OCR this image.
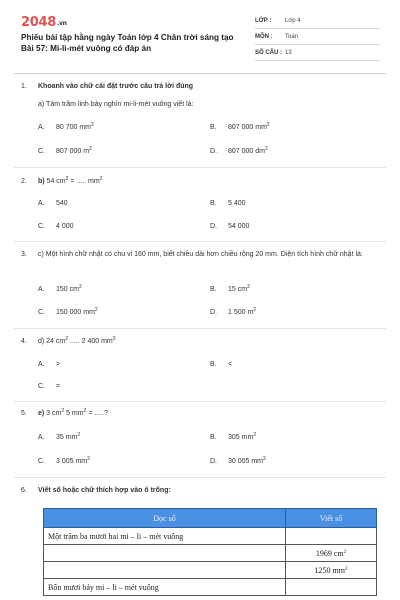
2048.vn
Phiếu bài tập hằng ngày Toán lớp 4 Chân trời sáng tạo Bài 57: Mi-li-mét vuông có đáp án
LỚP : Lớp 4
MÔN : Toán
SỐ CÂU : 13
1. Khoanh vào chữ cái đặt trước câu trả lời đúng
a) Tám trăm linh bảy nghìn mi-li-mét vuông viết là:
A. 80 700 $mm^2$	B. 807 000 $mm^2$
C. 807 000 $m^2$	D. 807 000 $dm^2$
2. b) 54 $cm^2$ = ..... $mm^2$
A. 540	B. 5 400
C. 4 000	D. 54 000
3. c) Một hình chữ nhật có chu vi 160 mm, biết chiều dài hơn chiều rộng 20 mm. Diện tích hình chữ nhật là:
A. 150 $cm^2$	B. 15 $cm^2$
C. 150 000 $mm^2$	D. 1 500 $m^2$
4. d) 24 $cm^2$ ..... 2 400 $mm^2$
A. >	B. <
C. =
5. e) 3 $cm^2$ 5 $mm^2$ = .....?
A. 35 $mm^2$	B. 305 $mm^2$
C. 3 005 $mm^2$	D. 30 005 $mm^2$
6. Viết số hoặc chữ thích hợp vào ô trống:
Đọc số	Viết số
Một trăm ba mươi hai mi – li – mét vuông	
	1969 $cm^2$
	1250 $mm^2$
Bốn mươi bảy mi – li – mét vuông	
